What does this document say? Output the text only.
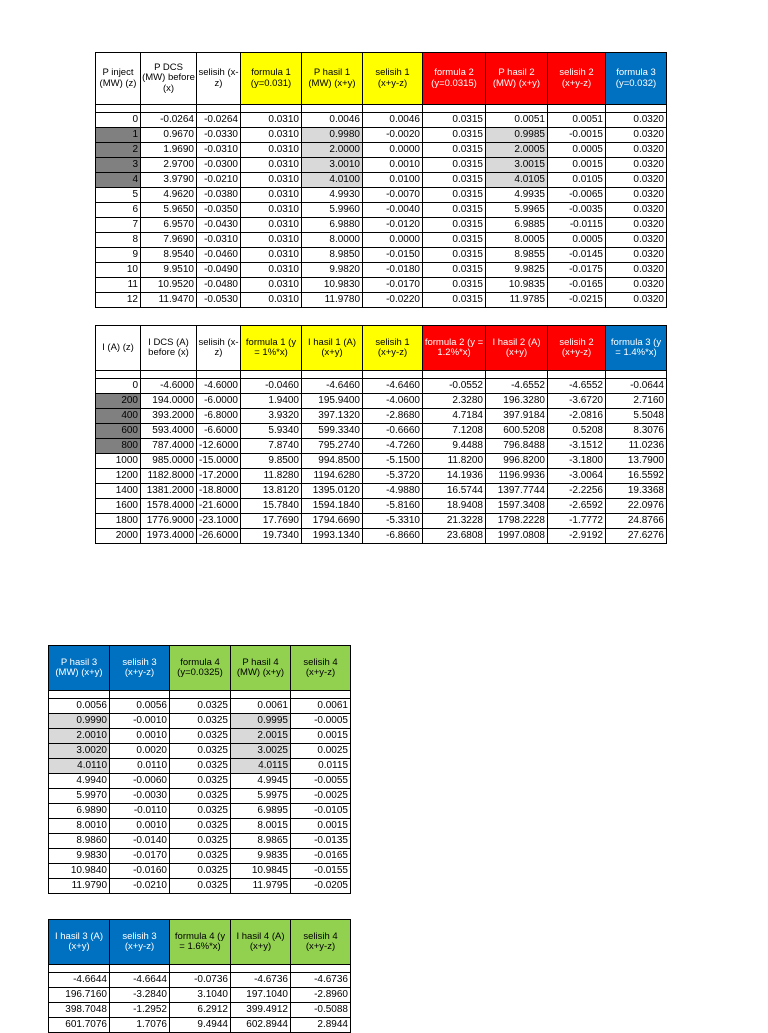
P inject (MW) (z)	P DCS (MW) before (x)	selisih (x-z)	formula 1 (y=0.031)	P hasil 1 (MW) (x+y)	selisih 1 (x+y-z)	formula 2 (y=0.0315)	P hasil 2 (MW) (x+y)	selisih 2 (x+y-z)	formula 3 (y=0.032)

0	-0.0264	-0.0264	0.0310	0.0046	0.0046	0.0315	0.0051	0.0051	0.0320
1	0.9670	-0.0330	0.0310	0.9980	-0.0020	0.0315	0.9985	-0.0015	0.0320
2	1.9690	-0.0310	0.0310	2.0000	0.0000	0.0315	2.0005	0.0005	0.0320
3	2.9700	-0.0300	0.0310	3.0010	0.0010	0.0315	3.0015	0.0015	0.0320
4	3.9790	-0.0210	0.0310	4.0100	0.0100	0.0315	4.0105	0.0105	0.0320
5	4.9620	-0.0380	0.0310	4.9930	-0.0070	0.0315	4.9935	-0.0065	0.0320
6	5.9650	-0.0350	0.0310	5.9960	-0.0040	0.0315	5.9965	-0.0035	0.0320
7	6.9570	-0.0430	0.0310	6.9880	-0.0120	0.0315	6.9885	-0.0115	0.0320
8	7.9690	-0.0310	0.0310	8.0000	0.0000	0.0315	8.0005	0.0005	0.0320
9	8.9540	-0.0460	0.0310	8.9850	-0.0150	0.0315	8.9855	-0.0145	0.0320
10	9.9510	-0.0490	0.0310	9.9820	-0.0180	0.0315	9.9825	-0.0175	0.0320
11	10.9520	-0.0480	0.0310	10.9830	-0.0170	0.0315	10.9835	-0.0165	0.0320
12	11.9470	-0.0530	0.0310	11.9780	-0.0220	0.0315	11.9785	-0.0215	0.0320
I (A) (z)	I DCS (A) before (x)	selisih (x-z)	formula 1 (y = 1%*x)	I hasil 1 (A) (x+y)	selisih 1 (x+y-z)	formula 2 (y = 1.2%*x)	I hasil 2 (A) (x+y)	selisih 2 (x+y-z)	formula 3 (y = 1.4%*x)

0	-4.6000	-4.6000	-0.0460	-4.6460	-4.6460	-0.0552	-4.6552	-4.6552	-0.0644
200	194.0000	-6.0000	1.9400	195.9400	-4.0600	2.3280	196.3280	-3.6720	2.7160
400	393.2000	-6.8000	3.9320	397.1320	-2.8680	4.7184	397.9184	-2.0816	5.5048
600	593.4000	-6.6000	5.9340	599.3340	-0.6660	7.1208	600.5208	0.5208	8.3076
800	787.4000	-12.6000	7.8740	795.2740	-4.7260	9.4488	796.8488	-3.1512	11.0236
1000	985.0000	-15.0000	9.8500	994.8500	-5.1500	11.8200	996.8200	-3.1800	13.7900
1200	1182.8000	-17.2000	11.8280	1194.6280	-5.3720	14.1936	1196.9936	-3.0064	16.5592
1400	1381.2000	-18.8000	13.8120	1395.0120	-4.9880	16.5744	1397.7744	-2.2256	19.3368
1600	1578.4000	-21.6000	15.7840	1594.1840	-5.8160	18.9408	1597.3408	-2.6592	22.0976
1800	1776.9000	-23.1000	17.7690	1794.6690	-5.3310	21.3228	1798.2228	-1.7772	24.8766
2000	1973.4000	-26.6000	19.7340	1993.1340	-6.8660	23.6808	1997.0808	-2.9192	27.6276
P hasil 3 (MW) (x+y)	selisih 3 (x+y-z)	formula 4 (y=0.0325)	P hasil 4 (MW) (x+y)	selisih 4 (x+y-z)

0.0056	0.0056	0.0325	0.0061	0.0061
0.9990	-0.0010	0.0325	0.9995	-0.0005
2.0010	0.0010	0.0325	2.0015	0.0015
3.0020	0.0020	0.0325	3.0025	0.0025
4.0110	0.0110	0.0325	4.0115	0.0115
4.9940	-0.0060	0.0325	4.9945	-0.0055
5.9970	-0.0030	0.0325	5.9975	-0.0025
6.9890	-0.0110	0.0325	6.9895	-0.0105
8.0010	0.0010	0.0325	8.0015	0.0015
8.9860	-0.0140	0.0325	8.9865	-0.0135
9.9830	-0.0170	0.0325	9.9835	-0.0165
10.9840	-0.0160	0.0325	10.9845	-0.0155
11.9790	-0.0210	0.0325	11.9795	-0.0205
I hasil 3 (A) (x+y)	selisih 3 (x+y-z)	formula 4 (y = 1.6%*x)	I hasil 4 (A) (x+y)	selisih 4 (x+y-z)

-4.6644	-4.6644	-0.0736	-4.6736	-4.6736
196.7160	-3.2840	3.1040	197.1040	-2.8960
398.7048	-1.2952	6.2912	399.4912	-0.5088
601.7076	1.7076	9.4944	602.8944	2.8944
